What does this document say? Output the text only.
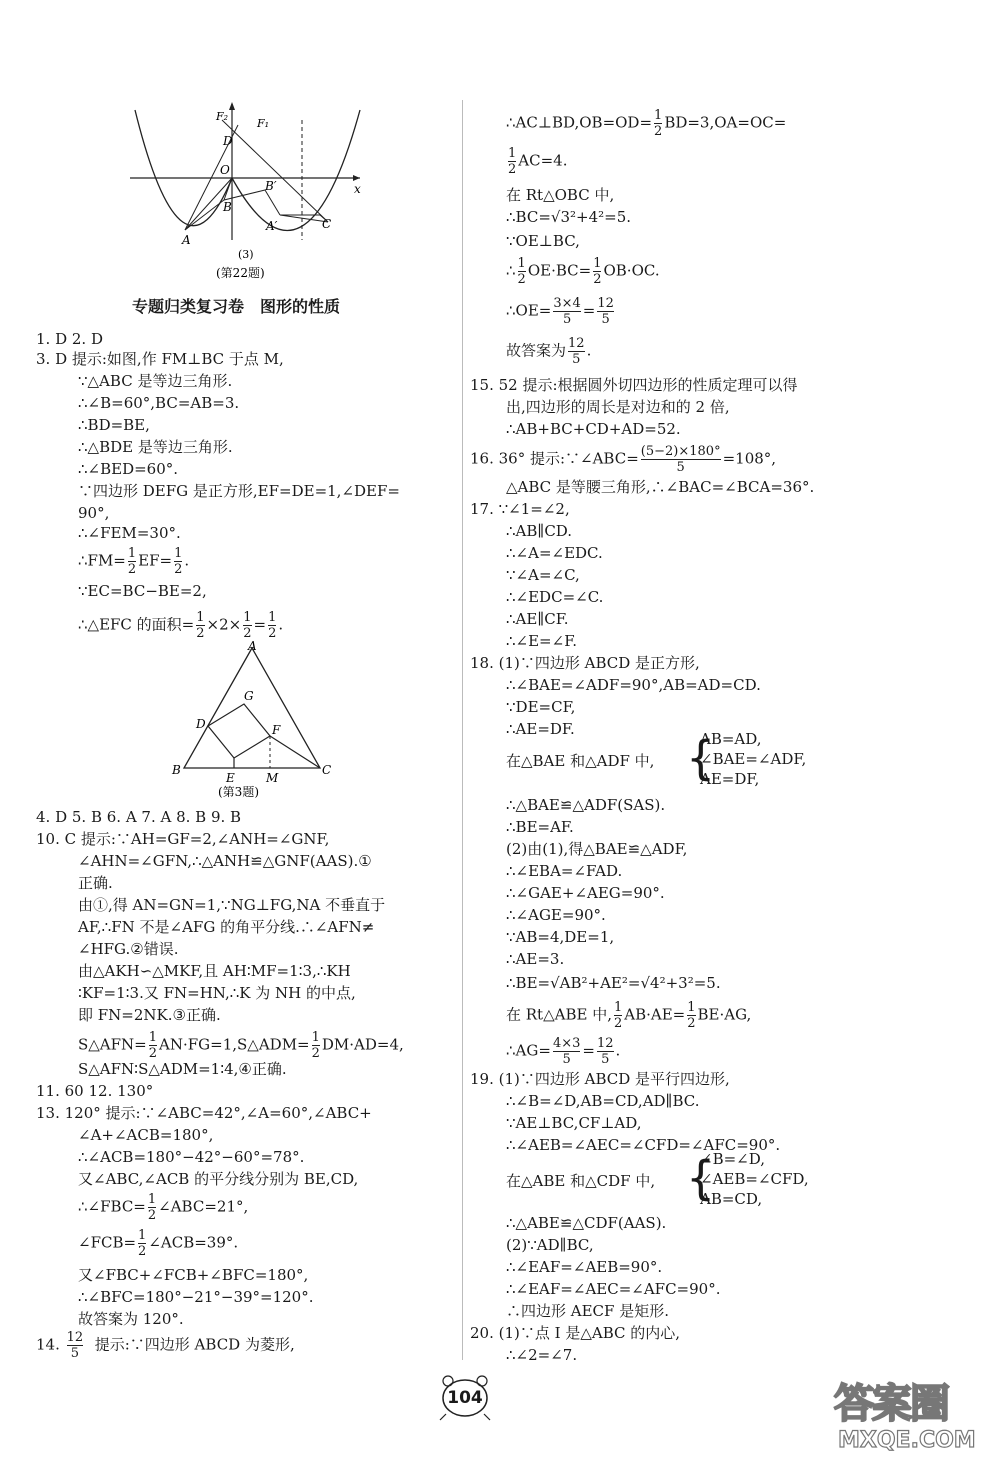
F₂
F₁
D
O
B′	x
B
A′	C
A
(3)
(第22题)
专题归类复习卷　图形的性质
1. D 2. D
3. D 提示:如图,作 FM⊥BC 于点 M,
∵△ABC 是等边三角形.
∴∠B=60°,BC=AB=3.
∴BD=BE,
∴△BDE 是等边三角形.
∴∠BED=60°.
∵四边形 DEFG 是正方形,EF=DE=1,∠DEF=
90°,
∴∠FEM=30°.
∴FM= $\frac{1}{2} EF= \frac{1}{2}$ .
∵EC=BC−BE=2,
∴△EFC 的面积= $\frac{1}{2} \times 2\times \frac{1}{2} = \frac{1}{2}$ .
A
G
D	F
B
E	M
C
(第3题)
4. D 5. B 6. A 7. A 8. B 9. B
10. C 提示:∵AH=GF=2,∠ANH=∠GNF,
∠AHN=∠GFN,∴△ANH≌△GNF(AAS).①
正确.
由①,得 AN=GN=1,∵NG⊥FG,NA 不垂直于
AF,∴FN 不是∠AFG 的角平分线.∴∠AFN≠
∠HFG.②错误.
由△AKH∽△MKF,且 AH∶MF=1∶3,∴KH
∶KF=1∶3.又 FN=HN,∴K 为 NH 的中点,
即 FN=2NK.③正确.
S△AFN= $\frac{1}{2}$ AN·FG=1,S△ADM= $\frac{1}{2} DM\cdot AD=4$,
S△AFN∶S△ADM=1∶4,④正确.
11. 60 12. 130°
13. 120° 提示:∵∠ABC=42°,∠A=60°,∠ABC+
∠A+∠ACB=180°,
∴∠ACB=180°−42°−60°=78°.
又∠ABC,∠ACB 的平分线分别为 BE,CD,
∴∠FBC= $\frac{1}{2}$ ∠ABC=21°,
∠FCB= $\frac{1}{2}$ ∠ACB=39°.
又∠FBC+∠FCB+∠BFC=180°,
∴∠BFC=180°−21°−39°=120°.
故答案为 120°.
14. $\frac{12}{5}$ 提示:∵四边形 ABCD 为菱形,
∴AC⊥BD,OB=OD= $\frac{1}{2} BD=3,OA=OC=$
$\frac{1}{2} AC=4$.
在 Rt△OBC 中,
∴BC=√3²+4²=5.
∵OE⊥BC,
∴ $\frac{1}{2} OE\cdot BC= \frac{1}{2} OB\cdot OC$.
∴OE= $\frac{3\times 4}{5} = \frac{12}{5}$
故答案为 $\frac{12}{5}$ .
15. 52 提示:根据圆外切四边形的性质定理可以得
出,四边形的周长是对边和的 2 倍,
∴AB+BC+CD+AD=52.
16. 36° 提示:∵∠ABC= $\frac{(5-2)\times 180^\circ}{5} =108^\circ$,
△ABC 是等腰三角形,∴∠BAC=∠BCA=36°.
17. ∵∠1=∠2,
∴AB∥CD.
∴∠A=∠EDC.
∵∠A=∠C,
∴∠EDC=∠C.
∴AE∥CF.
∴∠E=∠F.
18. (1)∵四边形 ABCD 是正方形,
∴∠BAE=∠ADF=90°,AB=AD=CD.
∵DE=CF,
∴AE=DF.
在△BAE 和△ADF 中, {
AB=AD,
∠BAE=∠ADF,
AE=DF,
∴△BAE≌△ADF(SAS).
∴BE=AF.
(2)由(1),得△BAE≌△ADF,
∴∠EBA=∠FAD.
∴∠GAE+∠AEG=90°.
∴∠AGE=90°.
∵AB=4,DE=1,
∴AE=3.
∴BE=√AB²+AE²=√4²+3²=5.
在 Rt△ABE 中, $\frac{1}{2} AB\cdot AE= \frac{1}{2} BE\cdot AG$,
∴AG= $\frac{4\times 3}{5} = \frac{12}{5}$ .
19. (1)∵四边形 ABCD 是平行四边形,
∴∠B=∠D,AB=CD,AD∥BC.
∵AE⊥BC,CF⊥AD,
∴∠AEB=∠AEC=∠CFD=∠AFC=90°.
在△ABE 和△CDF 中, {
∠B=∠D,
∠AEB=∠CFD,
AB=CD,
∴△ABE≌△CDF(AAS).
(2)∵AD∥BC,
∴∠EAF=∠AEB=90°.
∴∠EAF=∠AEC=∠AFC=90°.
∴四边形 AECF 是矩形.
20. (1)∵点 I 是△ABC 的内心,
∴∠2=∠7.
104	答案圈
MXQE.COM
